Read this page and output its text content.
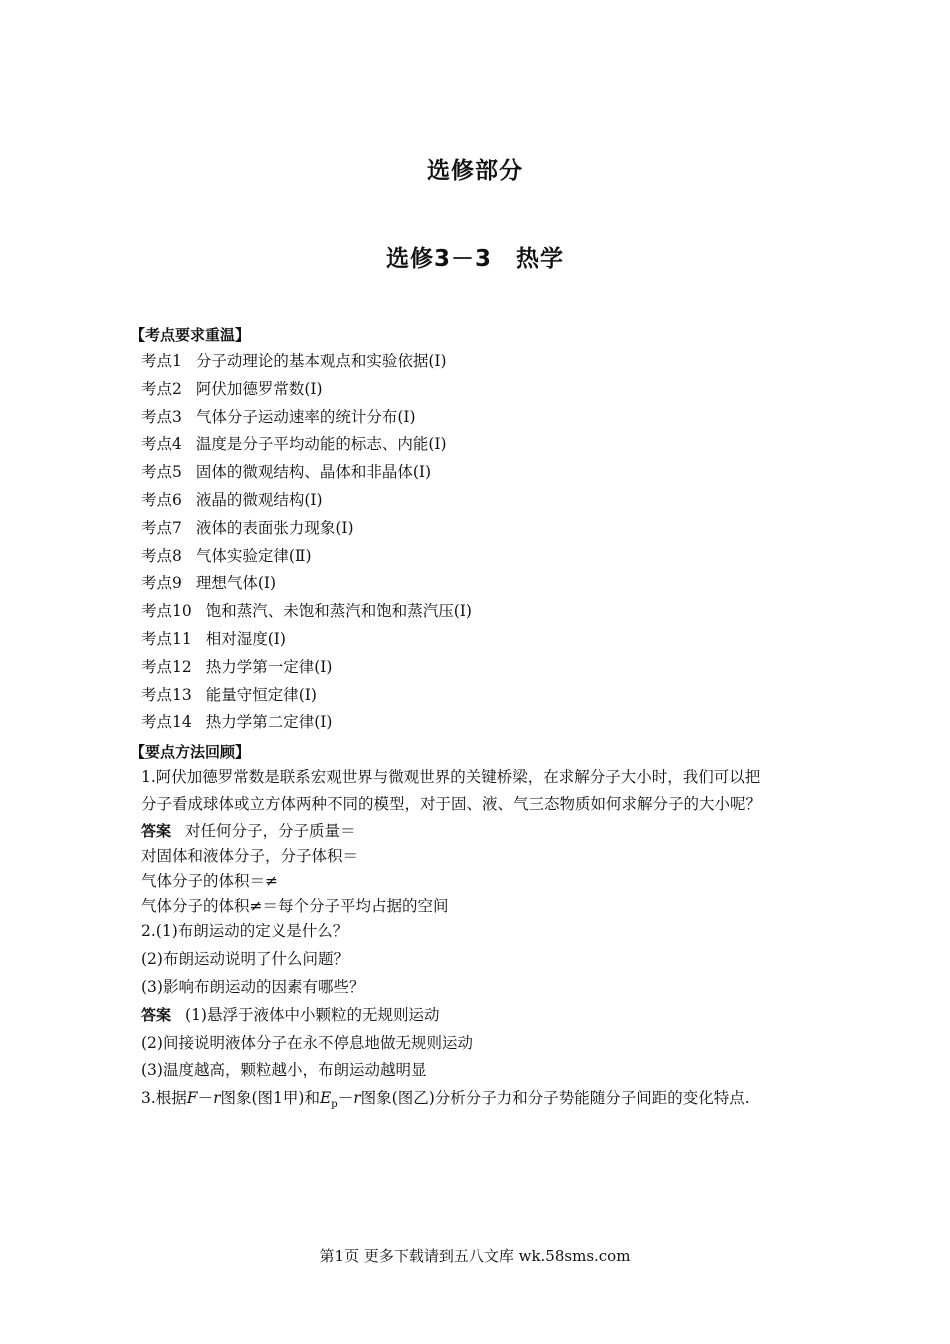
选修部分
选修3－3　热学
【考点要求重温】
考点1 分子动理论的基本观点和实验依据(Ⅰ)
考点2 阿伏加德罗常数(Ⅰ)
考点3 气体分子运动速率的统计分布(Ⅰ)
考点4 温度是分子平均动能的标志、内能(Ⅰ)
考点5 固体的微观结构、晶体和非晶体(Ⅰ)
考点6 液晶的微观结构(Ⅰ)
考点7 液体的表面张力现象(Ⅰ)
考点8 气体实验定律(Ⅱ)
考点9 理想气体(Ⅰ)
考点10 饱和蒸汽、未饱和蒸汽和饱和蒸汽压(Ⅰ)
考点11 相对湿度(Ⅰ)
考点12 热力学第一定律(Ⅰ)
考点13 能量守恒定律(Ⅰ)
考点14 热力学第二定律(Ⅰ)
【要点方法回顾】
1.阿伏加德罗常数是联系宏观世界与微观世界的关键桥梁，在求解分子大小时，我们可以把
分子看成球体或立方体两种不同的模型，对于固、液、气三态物质如何求解分子的大小呢？
答案 对任何分子，分子质量＝
对固体和液体分子，分子体积＝
气体分子的体积＝≠
气体分子的体积≠＝每个分子平均占据的空间
2.(1)布朗运动的定义是什么？
(2)布朗运动说明了什么问题？
(3)影响布朗运动的因素有哪些？
答案 (1)悬浮于液体中小颗粒的无规则运动
(2)间接说明液体分子在永不停息地做无规则运动
(3)温度越高，颗粒越小，布朗运动越明显
3.根据F－r图象(图1甲)和$E_p-r$图象(图乙)分析分子力和分子势能随分子间距的变化特点.
第1页 更多下载请到五八文库 wk.58sms.com
